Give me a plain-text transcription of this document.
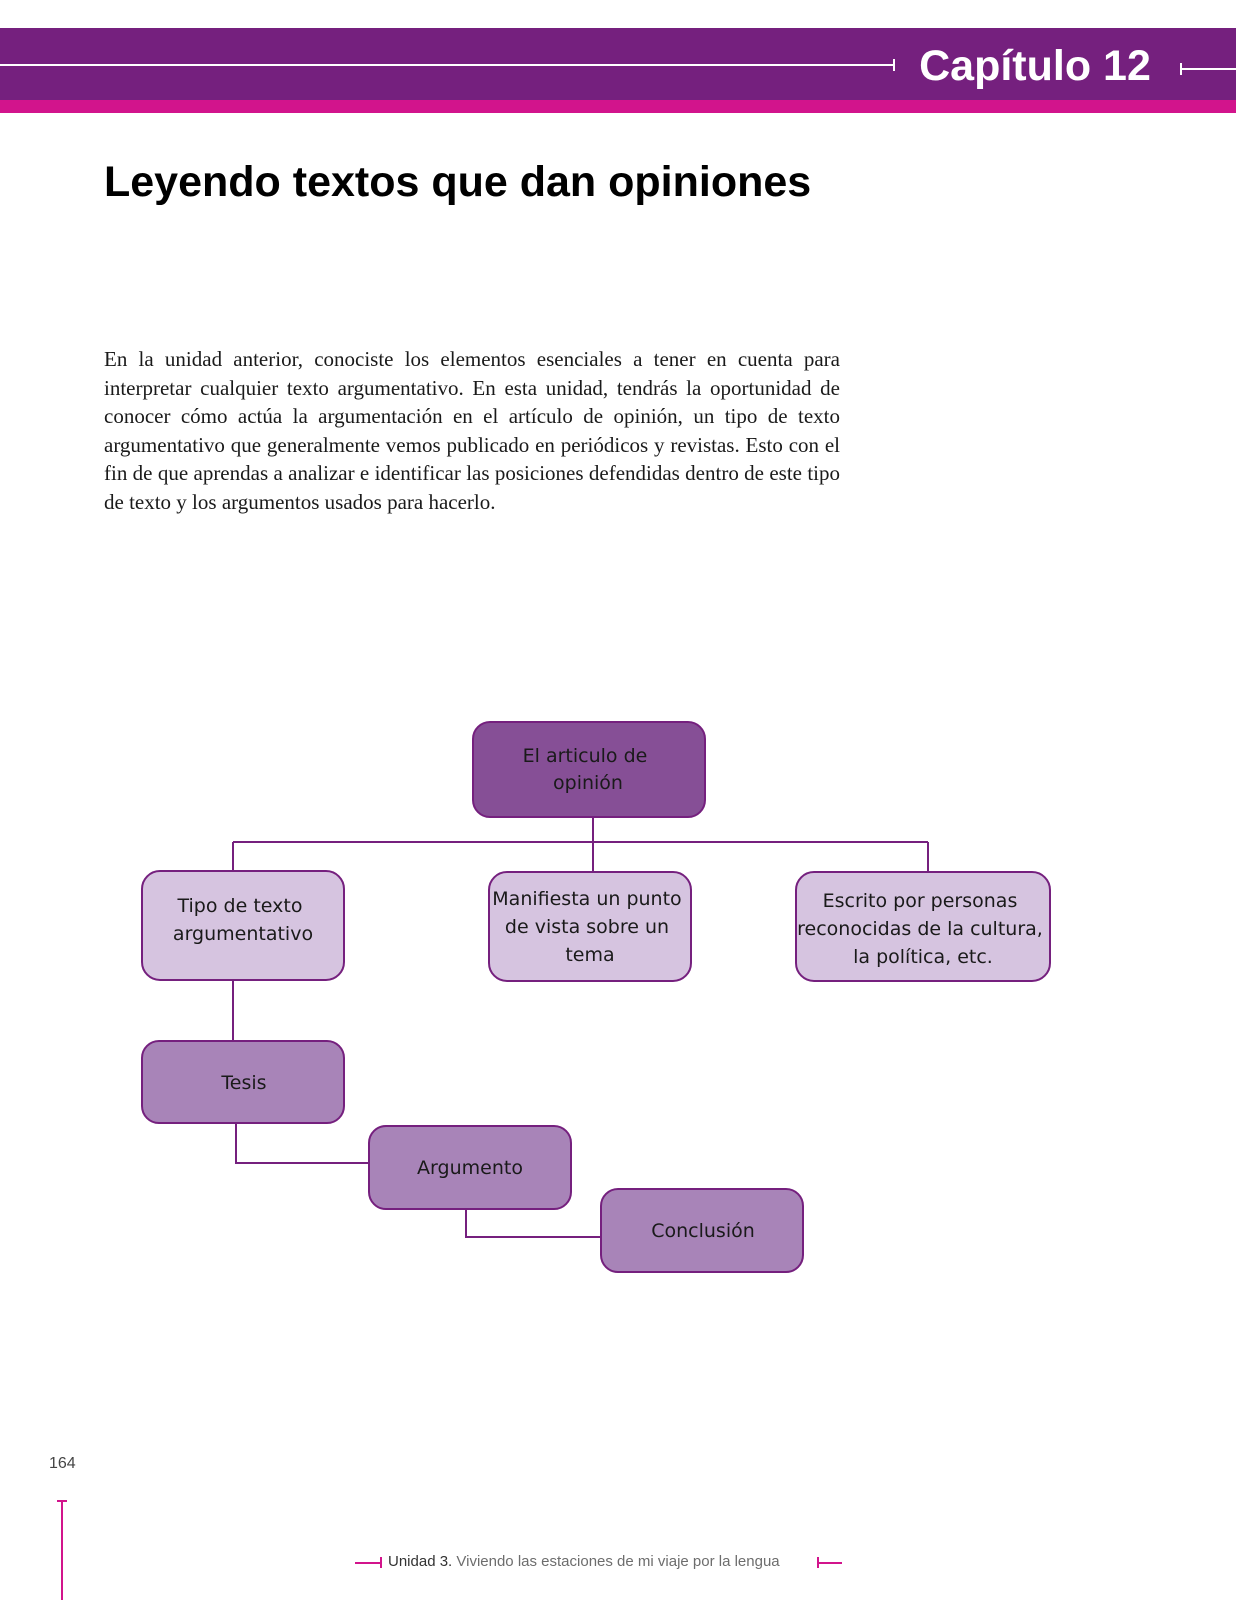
Capítulo 12
Leyendo textos que dan opiniones

En la unidad anterior, conociste los elementos esenciales a tener en cuenta para interpretar cualquier texto argumentativo. En esta unidad, tendrás la oportunidad de conocer cómo actúa la argumentación en el artículo de opinión, un tipo de texto argumentativo que generalmente vemos publicado en periódicos y revistas. Esto con el fin de que aprendas a analizar e identificar las posiciones defendidas dentro de este tipo de texto y los argumentos usados para hacerlo.

El articulo de opinión
Tipo de texto argumentativo
Manifiesta un punto de vista sobre un tema
Escrito por personas reconocidas de la cultura, la política, etc.
Tesis
Argumento
Conclusión
164
Unidad 3. Viviendo las estaciones de mi viaje por la lengua
